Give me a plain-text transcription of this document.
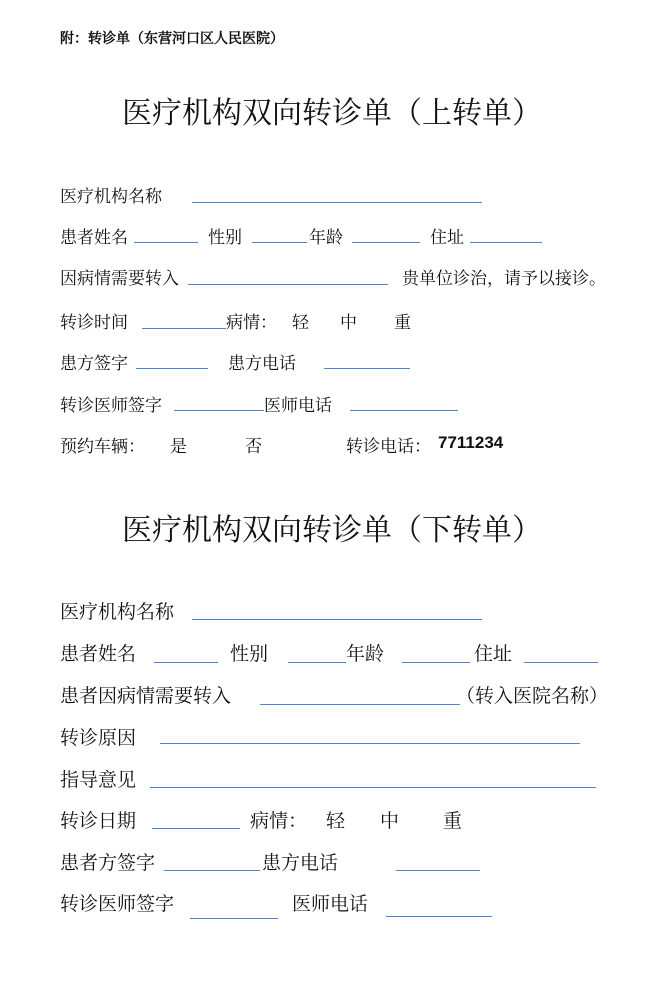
附：转诊单（东营河口区人民医院）
医疗机构双向转诊单（上转单）
医疗机构名称
患者姓名	性别	年龄	住址
因病情需要转入	贵单位诊治，请予以接诊。
转诊时间	病情： 轻 中 重
患方签字	患方电话
转诊医师签字	医师电话
预约车辆： 是	否	转诊电话： 7711234
医疗机构双向转诊单（下转单）
医疗机构名称
患者姓名	性别	年龄	住址
患者因病情需要转入	（转入医院名称）
转诊原因
指导意见
转诊日期	病情： 轻 中 重
患者方签字	患方电话
转诊医师签字	医师电话
